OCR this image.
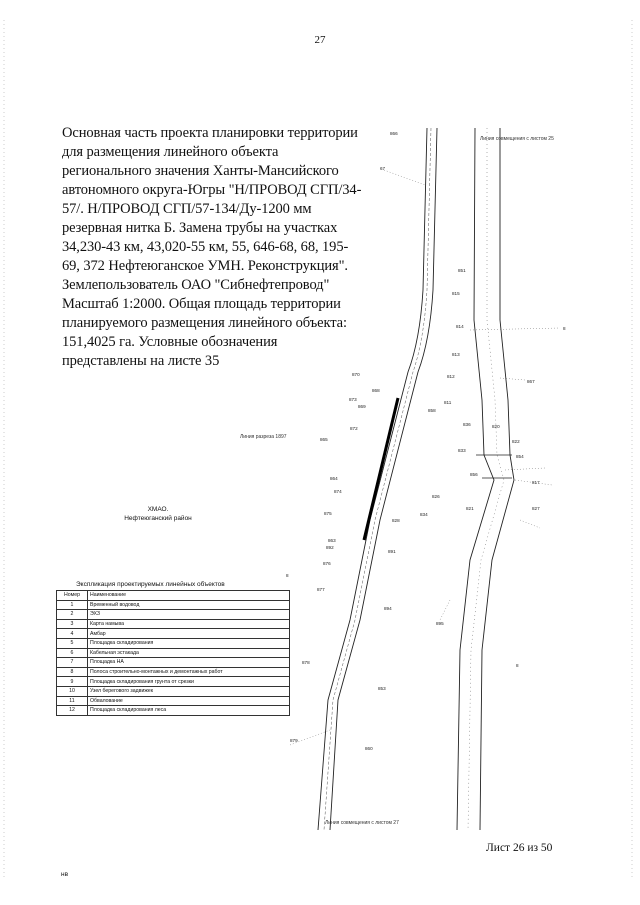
27
Основная часть проекта планировки территории
для размещения линейного объекта
регионального значения Ханты-Мансийского
автономного округа-Югры "Н/ПРОВОД СГП/34-
57/. Н/ПРОВОД СГП/57-134/Ду-1200 мм
резервная нитка Б. Замена трубы на участках
34,230-43 км, 43,020-55 км, 55, 646-68, 68, 195-
69, 372 Нефтеюганское УМН. Реконструкция".
Землепользователь ОАО "Сибнефтепровод"
Масштаб 1:2000. Общая площадь территории
планируемого размещения линейного объекта:
151,4025 га. Условные обозначения
представлены на листе 35
866
67
851
815
814	8
813
870	812
867
868
869
873
811
858
872	820
836
865	822
833
854
856
817
827
864
874
875
826
821
834
828
863
892
891
876
877
8
8
878
853
860
879
894
895
Линия совмещения с листом 25
Линия разреза 1897
Линия совмещения с листом 27
ХМАО.
Нефтеюганский район
Экспликация проектируемых линейных объектов
Номер	Наименование
1	Временный водовод
2	ЭХЗ
3	Карта намыва
4	Амбар
5	Площадка складирования
6	Кабельная эстакада
7	Площадка НА
8	Полоса строительно-монтажных и демонтажных работ
9	Площадка складирования грунта от срезки
10	Узел берегового задвижек
11	Обвалование
12	Площадка складирования леса
Лист 26 из 50
нв
